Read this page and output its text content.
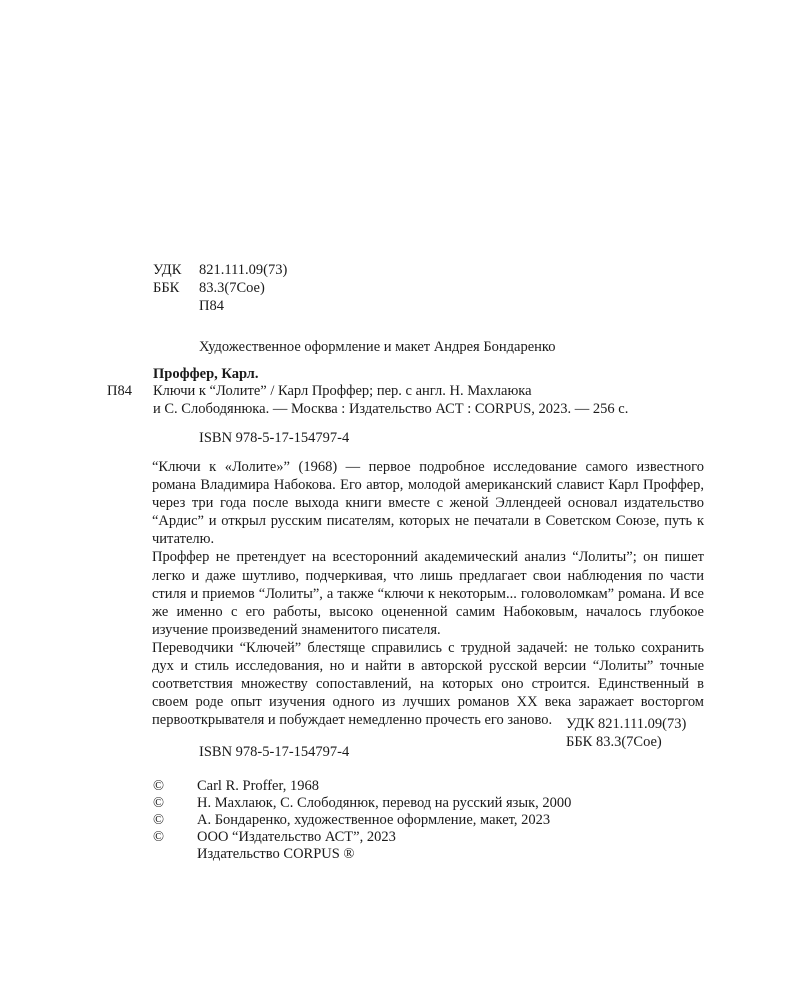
УДК 821.111.09(73)
ББК 83.3(7Сое)
П84
Художественное оформление и макет Андрея Бондаренко
Проффер, Карл.
П84 Ключи к “Лолите” / Карл Проффер; пер. с англ. Н. Махлаюка
и С. Слободянюка. — Москва : Издательство АСТ : CORPUS, 2023. — 256 с.
ISBN 978-5-17-154797-4

“Ключи к «Лолите»” (1968) — первое подробное исследование самого известного романа Владимира Набокова. Его автор, молодой американский славист Карл Проффер, через три года после выхода книги вместе с женой Эллендеей основал издательство “Ардис” и открыл русским писателям, которых не печатали в Советском Союзе, путь к читателю.

Проффер не претендует на всесторонний академический анализ “Лолиты”; он пишет легко и даже шутливо, подчеркивая, что лишь предлагает свои наблюдения по части стиля и приемов “Лолиты”, а также “ключи к некоторым... головоломкам” романа. И все же именно с его работы, высоко оцененной самим Набоковым, началось глубокое изучение произведений знаменитого писателя.

Переводчики “Ключей” блестяще справились с трудной задачей: не только сохранить дух и стиль исследования, но и найти в авторской русской версии “Лолиты” точные соответствия множеству сопоставлений, на которых оно строится. Единственный в своем роде опыт изучения одного из лучших романов XX века заражает восторгом первооткрывателя и побуждает немедленно прочесть его заново. УДК 821.111.09(73)
ББК 83.3(7Сое)
ISBN 978-5-17-154797-4
© Carl R. Proffer, 1968
© Н. Махлаюк, С. Слободянюк, перевод на русский язык, 2000
© А. Бондаренко, художественное оформление, макет, 2023
© ООО “Издательство АСТ”, 2023
Издательство CORPUS ®
